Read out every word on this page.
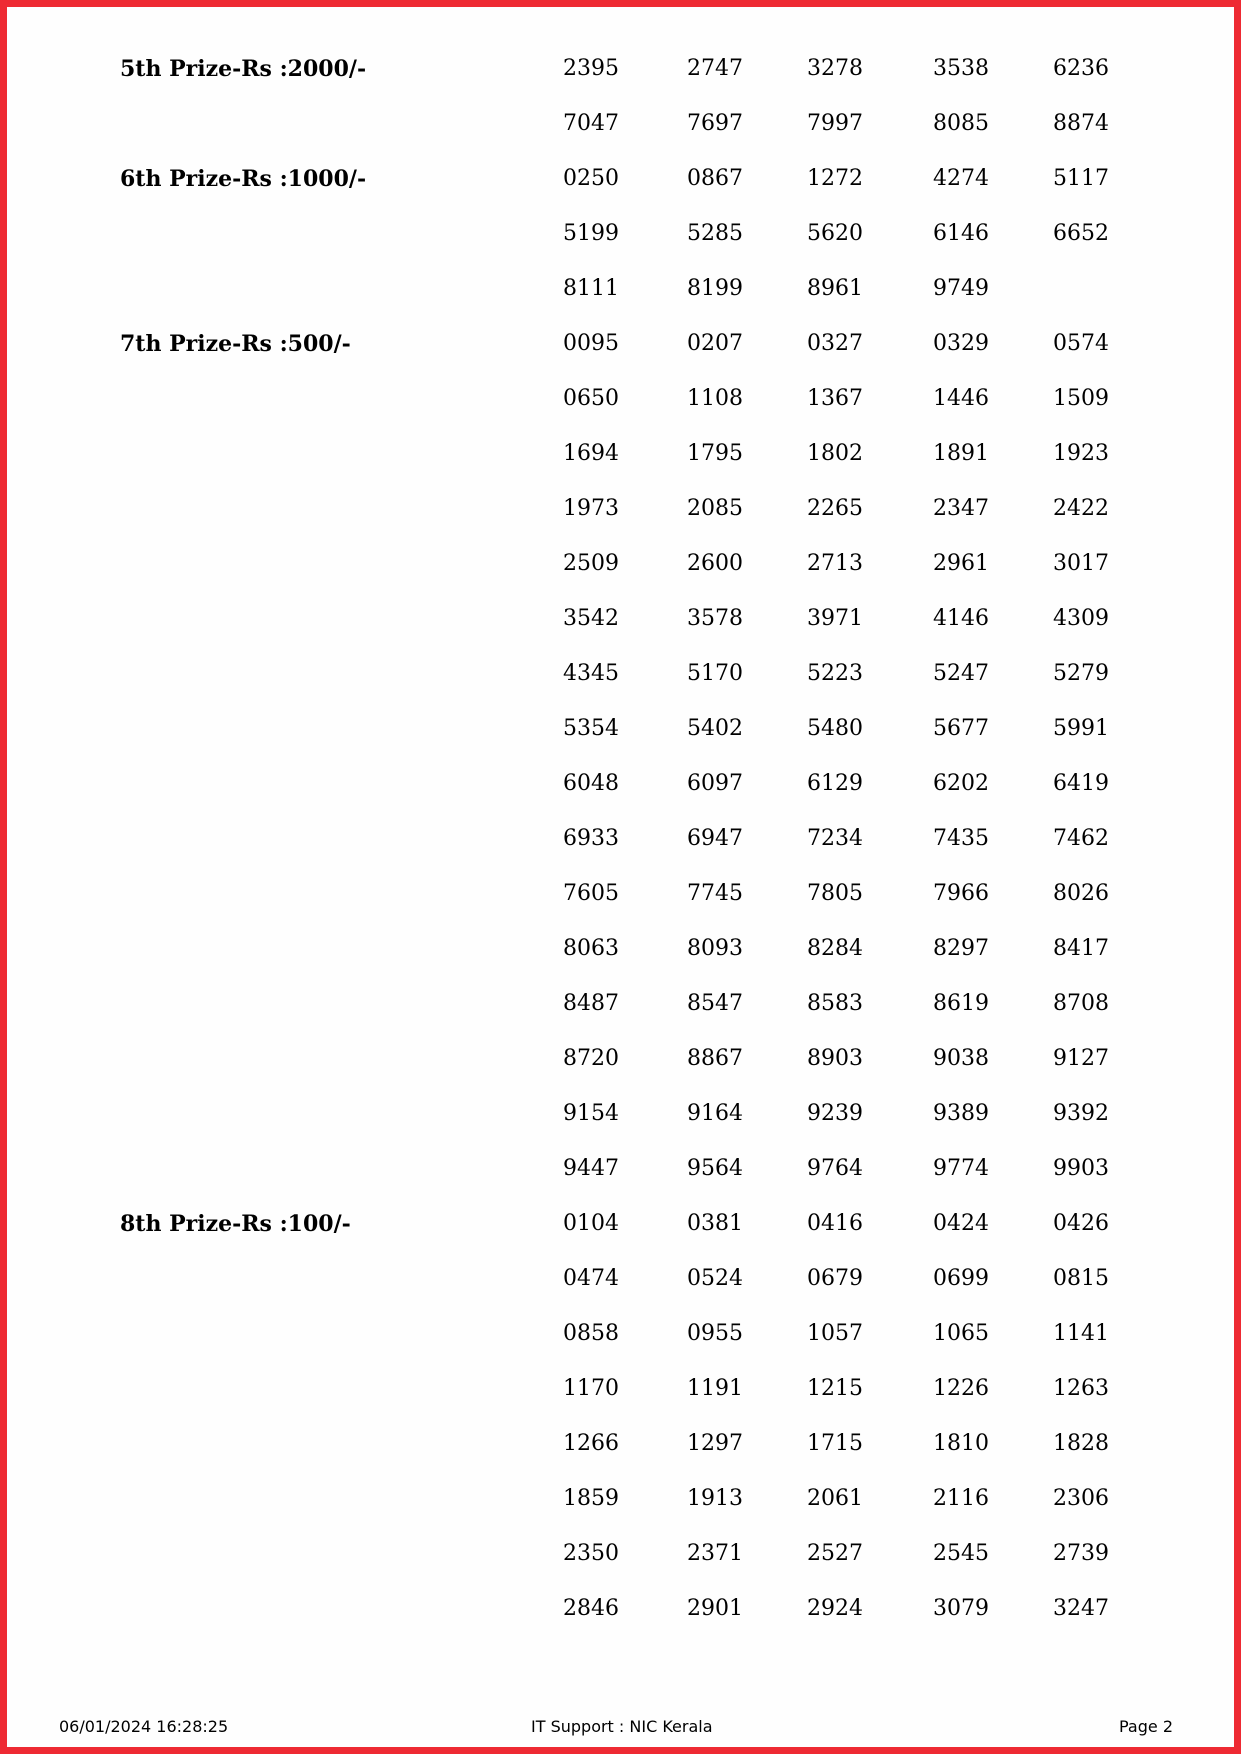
5th Prize-Rs :2000/-	2395	2747	3278	3538	6236
7047	7697	7997	8085	8874
6th Prize-Rs :1000/-	0250	0867	1272	4274	5117
5199	5285	5620	6146	6652
8111	8199	8961	9749
7th Prize-Rs :500/-	0095	0207	0327	0329	0574
0650	1108	1367	1446	1509
1694	1795	1802	1891	1923
1973	2085	2265	2347	2422
2509	2600	2713	2961	3017
3542	3578	3971	4146	4309
4345	5170	5223	5247	5279
5354	5402	5480	5677	5991
6048	6097	6129	6202	6419
6933	6947	7234	7435	7462
7605	7745	7805	7966	8026
8063	8093	8284	8297	8417
8487	8547	8583	8619	8708
8720	8867	8903	9038	9127
9154	9164	9239	9389	9392
9447	9564	9764	9774	9903
8th Prize-Rs :100/-	0104	0381	0416	0424	0426
0474	0524	0679	0699	0815
0858	0955	1057	1065	1141
1170	1191	1215	1226	1263
1266	1297	1715	1810	1828
1859	1913	2061	2116	2306
2350	2371	2527	2545	2739
2846	2901	2924	3079	3247
06/01/2024 16:28:25	IT Support : NIC Kerala	Page 2
